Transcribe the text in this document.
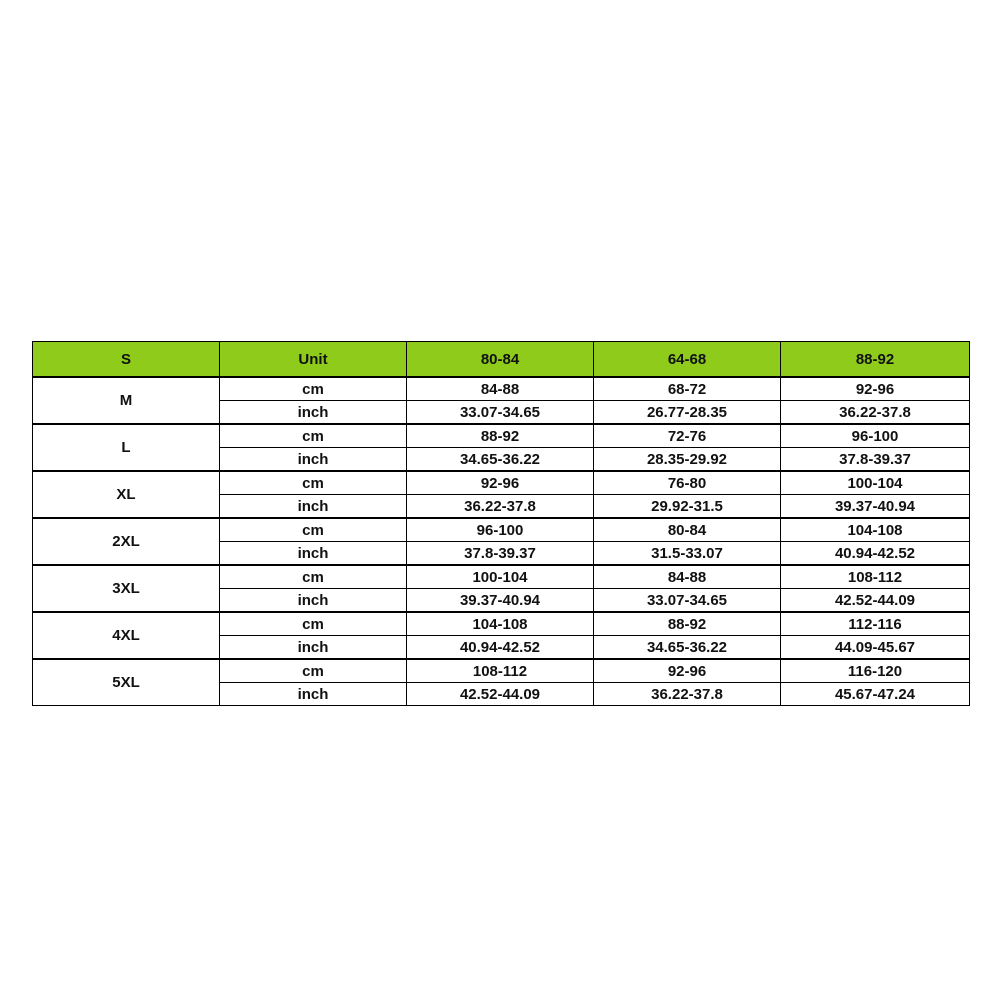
S	Unit	80-84	64-68	88-92
M	cm	84-88	68-72	92-96
	inch	33.07-34.65	26.77-28.35	36.22-37.8
L	cm	88-92	72-76	96-100
	inch	34.65-36.22	28.35-29.92	37.8-39.37
XL	cm	92-96	76-80	100-104
	inch	36.22-37.8	29.92-31.5	39.37-40.94
2XL	cm	96-100	80-84	104-108
	inch	37.8-39.37	31.5-33.07	40.94-42.52
3XL	cm	100-104	84-88	108-112
	inch	39.37-40.94	33.07-34.65	42.52-44.09
4XL	cm	104-108	88-92	112-116
	inch	40.94-42.52	34.65-36.22	44.09-45.67
5XL	cm	108-112	92-96	116-120
	inch	42.52-44.09	36.22-37.8	45.67-47.24
